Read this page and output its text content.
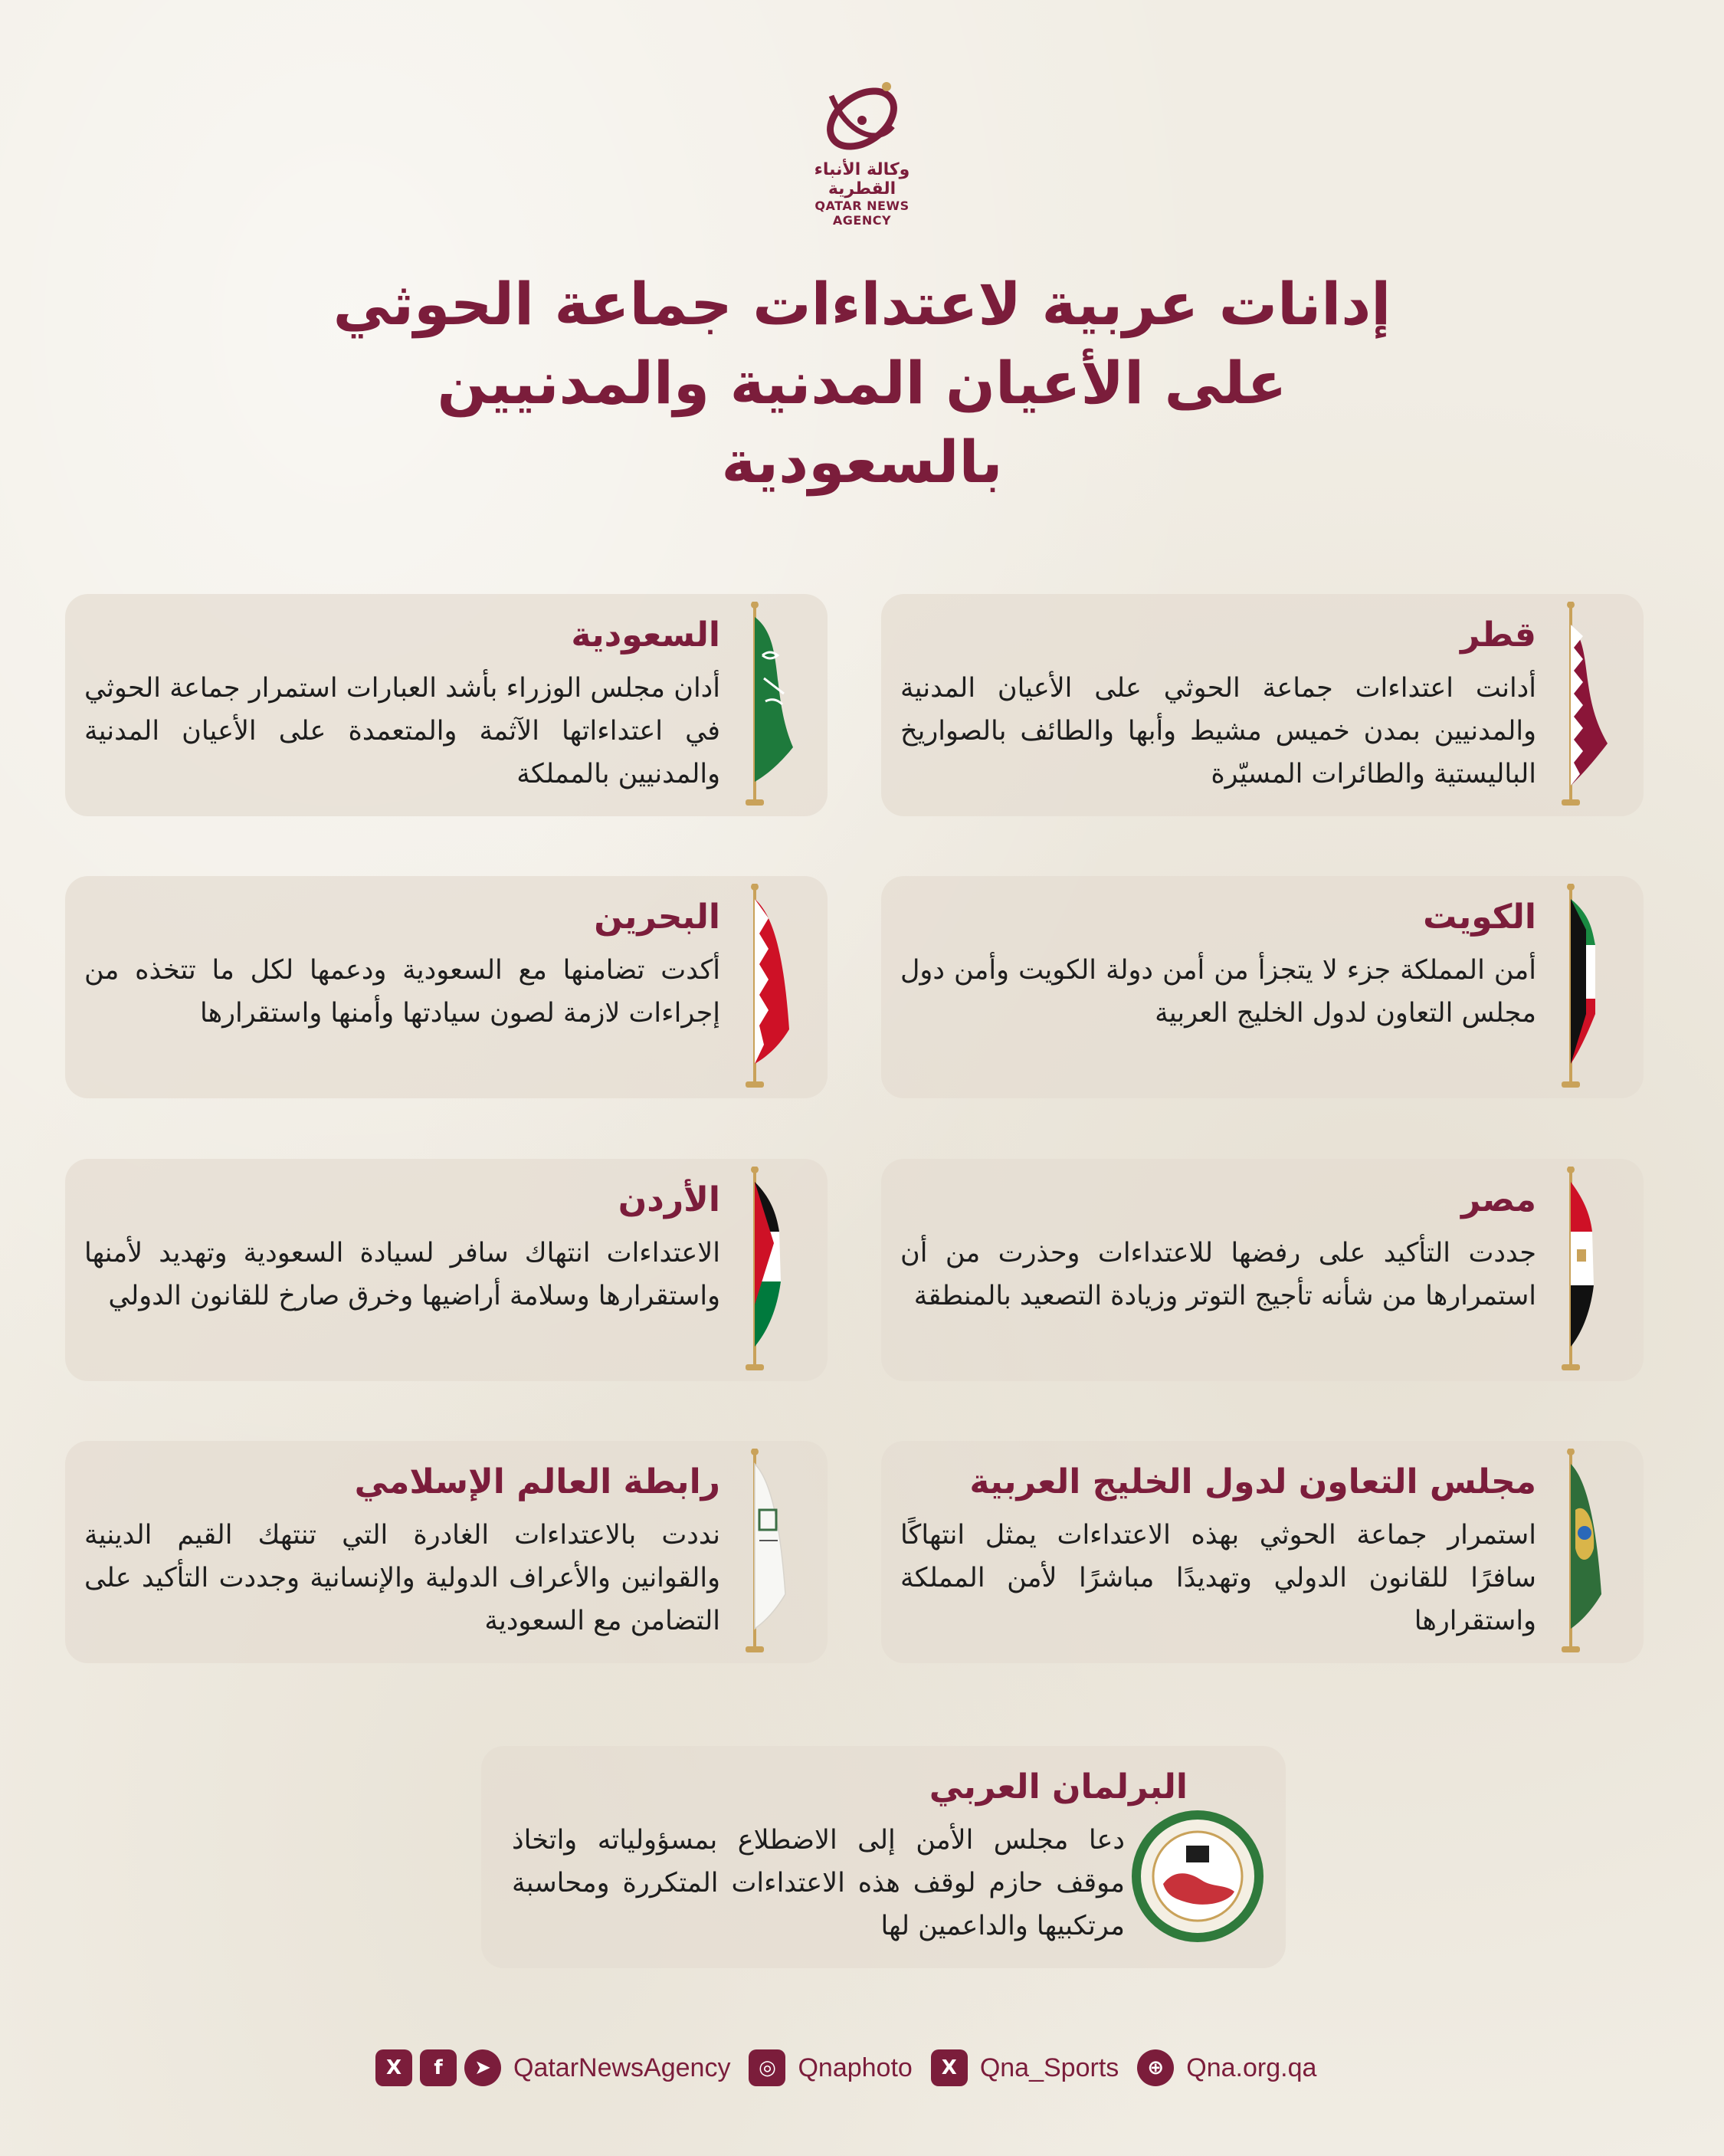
وكالة الأنباء القطرية
QATAR NEWS AGENCY
إدانات عربية لاعتداءات جماعة الحوثي
على الأعيان المدنية والمدنيين
بالسعودية
قطر
أدانت اعتداءات جماعة الحوثي على الأعيان المدنية والمدنيين بمدن خميس مشيط وأبها والطائف بالصواريخ الباليستية والطائرات المسيّرة
السعودية
أدان مجلس الوزراء بأشد العبارات استمرار جماعة الحوثي في اعتداءاتها الآثمة والمتعمدة على الأعيان المدنية والمدنيين بالمملكة
الكويت
أمن المملكة جزء لا يتجزأ من أمن دولة الكويت وأمن دول مجلس التعاون لدول الخليج العربية
البحرين
أكدت تضامنها مع السعودية ودعمها لكل ما تتخذه من إجراءات لازمة لصون سيادتها وأمنها واستقرارها
مصر
جددت التأكيد على رفضها للاعتداءات وحذرت من أن استمرارها من شأنه تأجيج التوتر وزيادة التصعيد بالمنطقة
الأردن
الاعتداءات انتهاك سافر لسيادة السعودية وتهديد لأمنها واستقرارها وسلامة أراضيها وخرق صارخ للقانون الدولي
مجلس التعاون لدول الخليج العربية
استمرار جماعة الحوثي بهذه الاعتداءات يمثل انتهاكًا سافرًا للقانون الدولي وتهديدًا مباشرًا لأمن المملكة واستقرارها
رابطة العالم الإسلامي
نددت بالاعتداءات الغادرة التي تنتهك القيم الدينية والقوانين والأعراف الدولية والإنسانية وجددت التأكيد على التضامن مع السعودية
البرلمان العربي
دعا مجلس الأمن إلى الاضطلاع بمسؤولياته واتخاذ موقف حازم لوقف هذه الاعتداءات المتكررة ومحاسبة مرتكبيها والداعمين لها
X	f	➤ QatarNewsAgency	◎ Qnaphoto	X Qna_Sports	⊕ Qna.org.qa
